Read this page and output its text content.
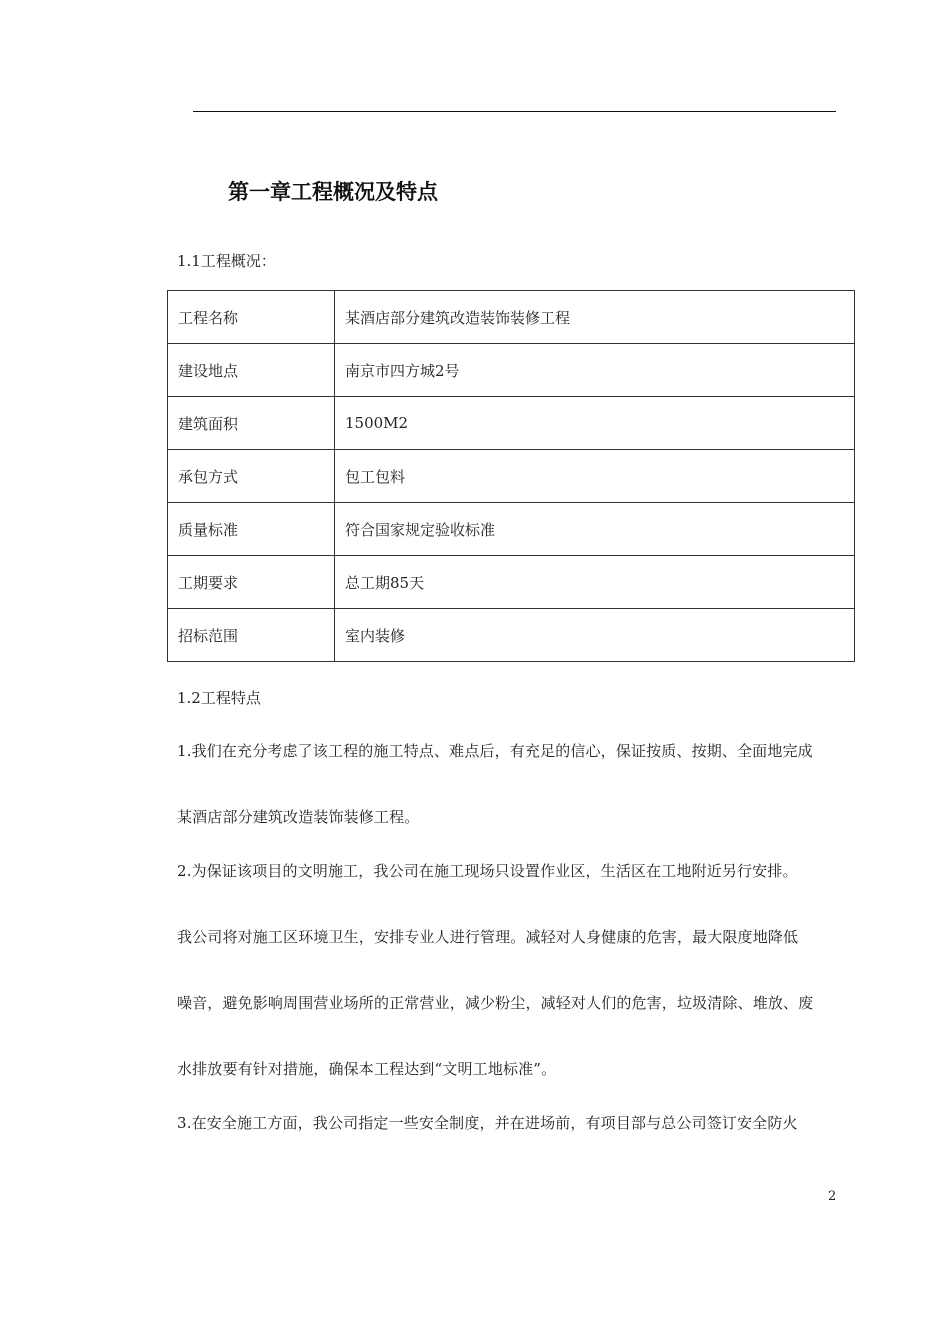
第一章工程概况及特点

1.1工程概况：

工程名称	某酒店部分建筑改造装饰装修工程
建设地点	南京市四方城2号
建筑面积	1500M2
承包方式	包工包料
质量标准	符合国家规定验收标准
工期要求	总工期85天
招标范围	室内装修

1.2工程特点

1.我们在充分考虑了该工程的施工特点、难点后，有充足的信心，保证按质、按期、全面地完成

某酒店部分建筑改造装饰装修工程。

2.为保证该项目的文明施工，我公司在施工现场只设置作业区，生活区在工地附近另行安排。

我公司将对施工区环境卫生，安排专业人进行管理。减轻对人身健康的危害，最大限度地降低

噪音，避免影响周围营业场所的正常营业，减少粉尘，减轻对人们的危害，垃圾清除、堆放、废

水排放要有针对措施，确保本工程达到“文明工地标准”。

3.在安全施工方面，我公司指定一些安全制度，并在进场前，有项目部与总公司签订安全防火

2
